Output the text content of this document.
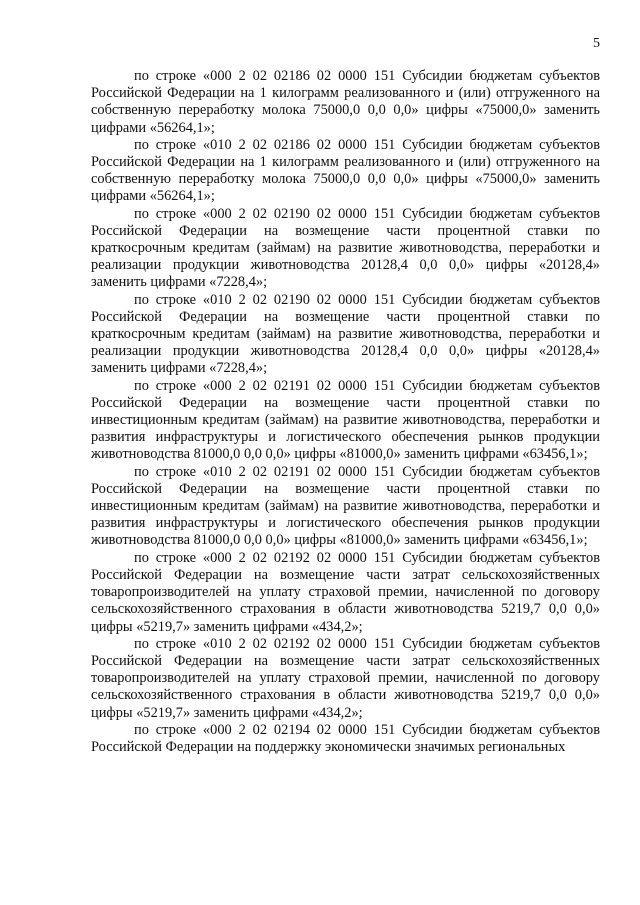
5

по строке «000 2 02 02186 02 0000 151 Субсидии бюджетам субъектов Российской Федерации на 1 килограмм реализованного и (или) отгруженного на собственную переработку молока 75000,0 0,0 0,0» цифры «75000,0» заменить цифрами «56264,1»;

по строке «010 2 02 02186 02 0000 151 Субсидии бюджетам субъектов Российской Федерации на 1 килограмм реализованного и (или) отгруженного на собственную переработку молока 75000,0 0,0 0,0» цифры «75000,0» заменить цифрами «56264,1»;

по строке «000 2 02 02190 02 0000 151 Субсидии бюджетам субъектов Российской Федерации на возмещение части процентной ставки по краткосрочным кредитам (займам) на развитие животноводства, переработки и реализации продукции животноводства 20128,4 0,0 0,0» цифры «20128,4» заменить цифрами «7228,4»;

по строке «010 2 02 02190 02 0000 151 Субсидии бюджетам субъектов Российской Федерации на возмещение части процентной ставки по краткосрочным кредитам (займам) на развитие животноводства, переработки и реализации продукции животноводства 20128,4 0,0 0,0» цифры «20128,4» заменить цифрами «7228,4»;

по строке «000 2 02 02191 02 0000 151 Субсидии бюджетам субъектов Российской Федерации на возмещение части процентной ставки по инвестиционным кредитам (займам) на развитие животноводства, переработки и развития инфраструктуры и логистического обеспечения рынков продукции животноводства 81000,0 0,0 0,0» цифры «81000,0» заменить цифрами «63456,1»;

по строке «010 2 02 02191 02 0000 151 Субсидии бюджетам субъектов Российской Федерации на возмещение части процентной ставки по инвестиционным кредитам (займам) на развитие животноводства, переработки и развития инфраструктуры и логистического обеспечения рынков продукции животноводства 81000,0 0,0 0,0» цифры «81000,0» заменить цифрами «63456,1»;

по строке «000 2 02 02192 02 0000 151 Субсидии бюджетам субъектов Российской Федерации на возмещение части затрат сельскохозяйственных товаропроизводителей на уплату страховой премии, начисленной по договору сельскохозяйственного страхования в области животноводства 5219,7 0,0 0,0» цифры «5219,7» заменить цифрами «434,2»;

по строке «010 2 02 02192 02 0000 151 Субсидии бюджетам субъектов Российской Федерации на возмещение части затрат сельскохозяйственных товаропроизводителей на уплату страховой премии, начисленной по договору сельскохозяйственного страхования в области животноводства 5219,7 0,0 0,0» цифры «5219,7» заменить цифрами «434,2»;

по строке «000 2 02 02194 02 0000 151 Субсидии бюджетам субъектов Российской Федерации на поддержку экономически значимых региональных
